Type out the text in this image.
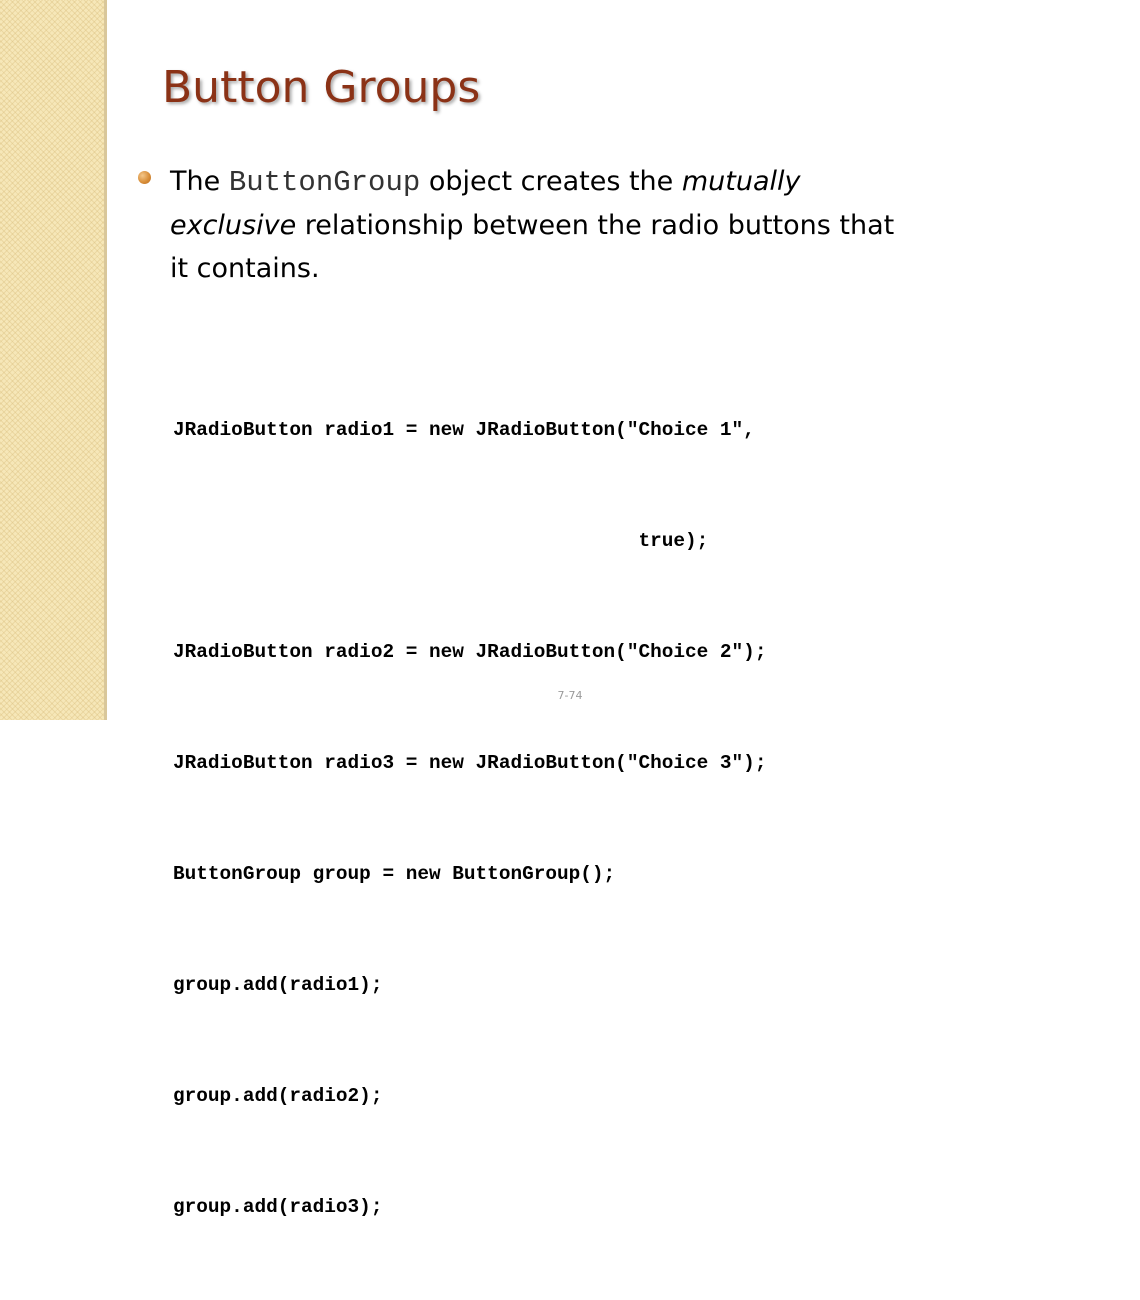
Button Groups

The ButtonGroup object creates the mutually exclusive relationship between the radio buttons that it contains.

JRadioButton radio1 = new JRadioButton("Choice 1",

true);

JRadioButton radio2 = new JRadioButton("Choice 2");

JRadioButton radio3 = new JRadioButton("Choice 3");

ButtonGroup group = new ButtonGroup();

group.add(radio1);

group.add(radio2);

group.add(radio3);

7-74
